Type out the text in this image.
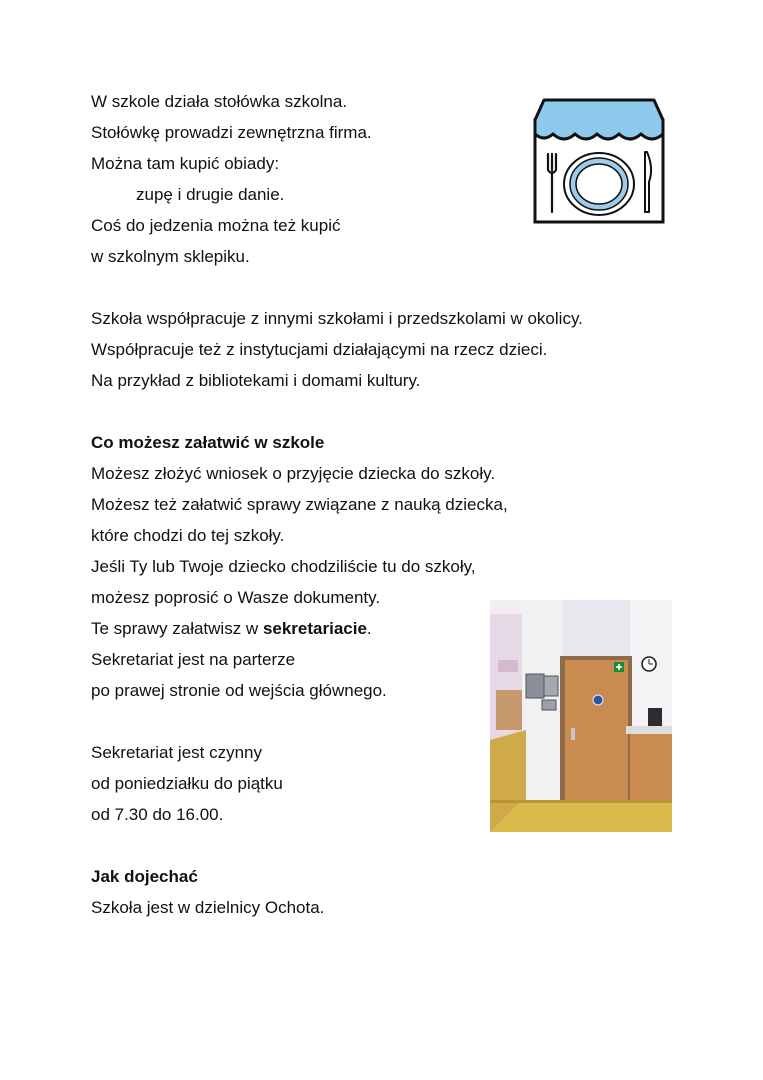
W szkole działa stołówka szkolna.
Stołówkę prowadzi zewnętrzna firma.
Można tam kupić obiady:
zupę i drugie danie.
Coś do jedzenia można też kupić
w szkolnym sklepiku.
Szkoła współpracuje z innymi szkołami i przedszkolami w okolicy.
Współpracuje też z instytucjami działającymi na rzecz dzieci.
Na przykład z bibliotekami i domami kultury.
Co możesz załatwić w szkole
Możesz złożyć wniosek o przyjęcie dziecka do szkoły.
Możesz też załatwić sprawy związane z nauką dziecka,
które chodzi do tej szkoły.
Jeśli Ty lub Twoje dziecko chodziliście tu do szkoły,
możesz poprosić o Wasze dokumenty.
Te sprawy załatwisz w sekretariacie.
Sekretariat jest na parterze
po prawej stronie od wejścia głównego.
Sekretariat jest czynny
od poniedziałku do piątku
od 7.30 do 16.00.
Jak dojechać
Szkoła jest w dzielnicy Ochota.
